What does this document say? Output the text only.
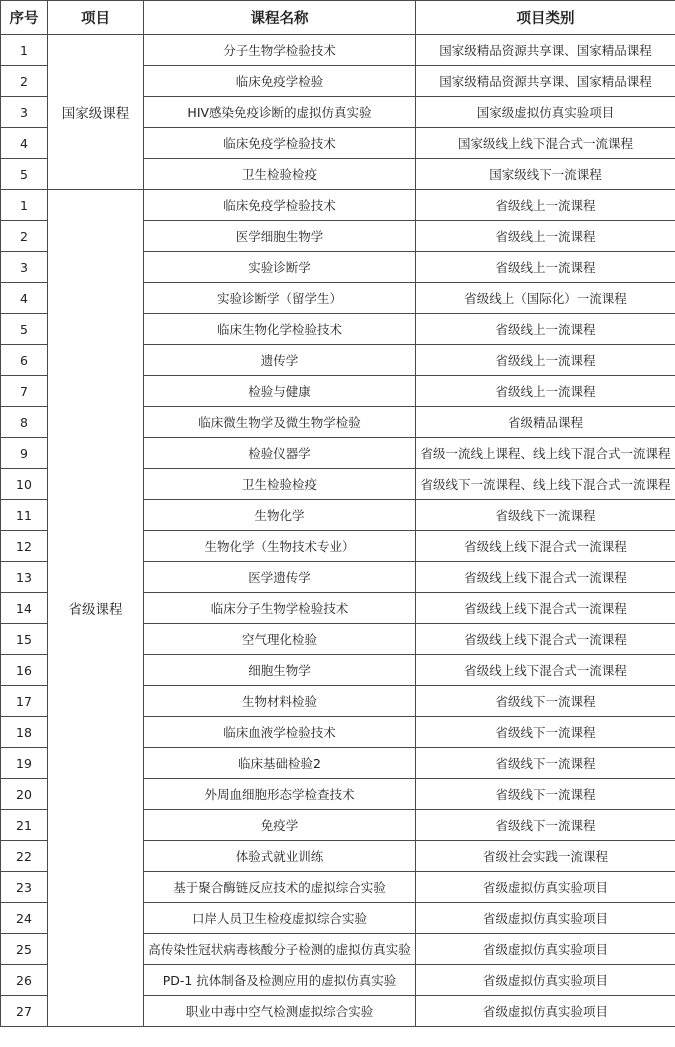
序号	项目	课程名称	项目类别
1	国家级课程	分子生物学检验技术	国家级精品资源共享课、国家精品课程
2		临床免疫学检验	国家级精品资源共享课、国家精品课程
3		HIV感染免疫诊断的虚拟仿真实验	国家级虚拟仿真实验项目
4		临床免疫学检验技术	国家级线上线下混合式一流课程
5		卫生检验检疫	国家级线下一流课程
1	省级课程	临床免疫学检验技术	省级线上一流课程
2		医学细胞生物学	省级线上一流课程
3		实验诊断学	省级线上一流课程
4		实验诊断学（留学生）	省级线上（国际化）一流课程
5		临床生物化学检验技术	省级线上一流课程
6		遗传学	省级线上一流课程
7		检验与健康	省级线上一流课程
8		临床微生物学及微生物学检验	省级精品课程
9		检验仪器学	省级一流线上课程、线上线下混合式一流课程
10		卫生检验检疫	省级线下一流课程、线上线下混合式一流课程
11		生物化学	省级线下一流课程
12		生物化学（生物技术专业）	省级线上线下混合式一流课程
13		医学遗传学	省级线上线下混合式一流课程
14		临床分子生物学检验技术	省级线上线下混合式一流课程
15		空气理化检验	省级线上线下混合式一流课程
16		细胞生物学	省级线上线下混合式一流课程
17		生物材料检验	省级线下一流课程
18		临床血液学检验技术	省级线下一流课程
19		临床基础检验2	省级线下一流课程
20		外周血细胞形态学检查技术	省级线下一流课程
21		免疫学	省级线下一流课程
22		体验式就业训练	省级社会实践一流课程
23		基于聚合酶链反应技术的虚拟综合实验	省级虚拟仿真实验项目
24		口岸人员卫生检疫虚拟综合实验	省级虚拟仿真实验项目
25		高传染性冠状病毒核酸分子检测的虚拟仿真实验	省级虚拟仿真实验项目
26		PD-1 抗体制备及检测应用的虚拟仿真实验	省级虚拟仿真实验项目
27		职业中毒中空气检测虚拟综合实验	省级虚拟仿真实验项目
